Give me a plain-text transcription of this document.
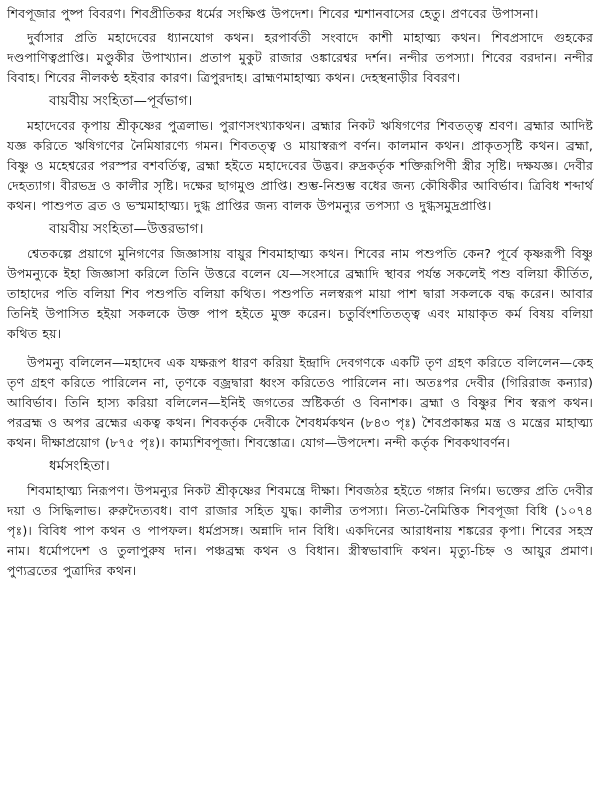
শিবপূজার পুষ্প বিবরণ। শিবপ্রীতিকর ধর্মের সংক্ষিপ্ত উপদেশ। শিবের শ্মশানবাসের হেতু। প্রণবের উপাসনা।

দুর্বাসার প্রতি মহাদেবের ধ্যানযোগ কথন। হরপার্বতী সংবাদে কাশী মাহাত্ম্য কথন। শিবপ্রসাদে গুহকের দণ্ডপাণিত্বপ্রাপ্তি। মণ্ডুকীর উপাখ্যান। প্রতাপ মুকুট রাজার ওঙ্কারেশ্বর দর্শন। নন্দীর তপস্যা। শিবের বরদান। নন্দীর বিবাহ। শিবের নীলকণ্ঠ হইবার কারণ। ত্রিপুরদাহ। ব্রাহ্মণমাহাত্ম্য কথন। দেহস্থনাড়ীর বিবরণ।

বায়বীয় সংহিতা—পূর্বভাগ।

মহাদেবের কৃপায় শ্রীকৃষ্ণের পুত্রলাভ। পুরাণসংখ্যাকথন। ব্রহ্মার নিকট ঋষিগণের শিবতত্ত্ব শ্রবণ। ব্রহ্মার আদিষ্ট যজ্ঞ করিতে ঋষিগণের নৈমিষারণ্যে গমন। শিবতত্ত্ব ও মায়াস্বরূপ বর্ণন। কালমান কথন। প্রাকৃতসৃষ্টি কথন। ব্রহ্মা, বিষ্ণু ও মহেশ্বরের পরস্পর বশবর্তিত্ব, ব্রহ্মা হইতে মহাদেবের উদ্ভব। রুদ্রকর্তৃক শক্তিরূপিণী স্ত্রীর সৃষ্টি। দক্ষযজ্ঞ। দেবীর দেহত্যাগ। বীরভদ্র ও কালীর সৃষ্টি। দক্ষের ছাগমুণ্ড প্রাপ্তি। শুম্ভ-নিশুম্ভ বধের জন্য কৌষিকীর আবির্ভাব। ত্রিবিধ শব্দার্থ কথন। পাশুপত ব্রত ও ভস্মমাহাত্ম্য। দুগ্ধ প্রাপ্তির জন্য বালক উপমন্যুর তপস্যা ও দুগ্ধসমুদ্রপ্রাপ্তি।

বায়বীয় সংহিতা—উত্তরভাগ।

শ্বেতকল্পে প্রয়াগে মুনিগণের জিজ্ঞাসায় বায়ুর শিবমাহাত্ম্য কথন। শিবের নাম পশুপতি কেন? পূর্বে কৃষ্ণরূপী বিষ্ণু উপমন্যুকে ইহা জিজ্ঞাসা করিলে তিনি উত্তরে বলেন যে—সংসারে ব্রহ্মাদি স্থাবর পর্যন্ত সকলেই পশু বলিয়া কীর্তিত, তাহাদের পতি বলিয়া শিব পশুপতি বলিয়া কথিত। পশুপতি নলস্বরূপ মায়া পাশ দ্বারা সকলকে বদ্ধ করেন। আবার তিনিই উপাসিত হইয়া সকলকে উক্ত পাপ হইতে মুক্ত করেন। চতুর্বিংশতিতত্ত্ব এবং মায়াকৃত কর্ম বিষয় বলিয়া কথিত হয়।

উপমন্যু বলিলেন—মহাদেব এক যক্ষরূপ ধারণ করিয়া ইন্দ্রাদি দেবগণকে একটি তৃণ গ্রহণ করিতে বলিলেন—কেহ তৃণ গ্রহণ করিতে পারিলেন না, তৃণকে বজ্রদ্বারা ধ্বংস করিতেও পারিলেন না। অতঃপর দেবীর (গিরিরাজ কন্যার) আবির্ভাব। তিনি হাস্য করিয়া বলিলেন—ইনিই জগতের স্রষ্টিকর্তা ও বিনাশক। ব্রহ্মা ও বিষ্ণুর শিব স্বরূপ কথন। পরব্রহ্ম ও অপর ব্রহ্মের একত্ব কথন। শিবকর্তৃক দেবীকে শৈবধর্মকথন (৮৪৩ পৃঃ) শৈবপ্রকাষ্কর মন্ত্র ও মন্ত্রের মাহাত্ম্য কথন। দীক্ষাপ্রয়োগ (৮৭৫ পৃঃ)। কাম্যশিবপূজা। শিবস্তোত্র। যোগ—উপদেশ। নন্দী কর্তৃক শিবকথাবর্ণন।

ধর্মসংহিতা।

শিবমাহাত্ম্য নিরূপণ। উপমন্যুর নিকট শ্রীকৃষ্ণের শিবমন্ত্রে দীক্ষা। শিবজঠর হইতে গঙ্গার নির্গম। ভক্তের প্রতি দেবীর দয়া ও সিদ্ধিলাভ। রুরুদৈত্যবধ। বাণ রাজার সহিত যুদ্ধ। কালীর তপস্যা। নিত্য-নৈমিত্তিক শিবপূজা বিধি (১০৭৪ পৃঃ)। বিবিধ পাপ কথন ও পাপফল। ধর্মপ্রসঙ্গ। অন্নাদি দান বিধি। একদিনের আরাধনায় শঙ্করের কৃপা। শিবের সহস্র নাম। ধর্মোপদেশ ও তুলাপুরুষ দান। পঞ্চব্রহ্ম কথন ও বিধান। স্ত্রীস্বভাবাদি কথন। মৃত্যু-চিহ্ন ও আয়ুর প্রমাণ। পুণ্যব্রতের পুত্রাদির কথন।
